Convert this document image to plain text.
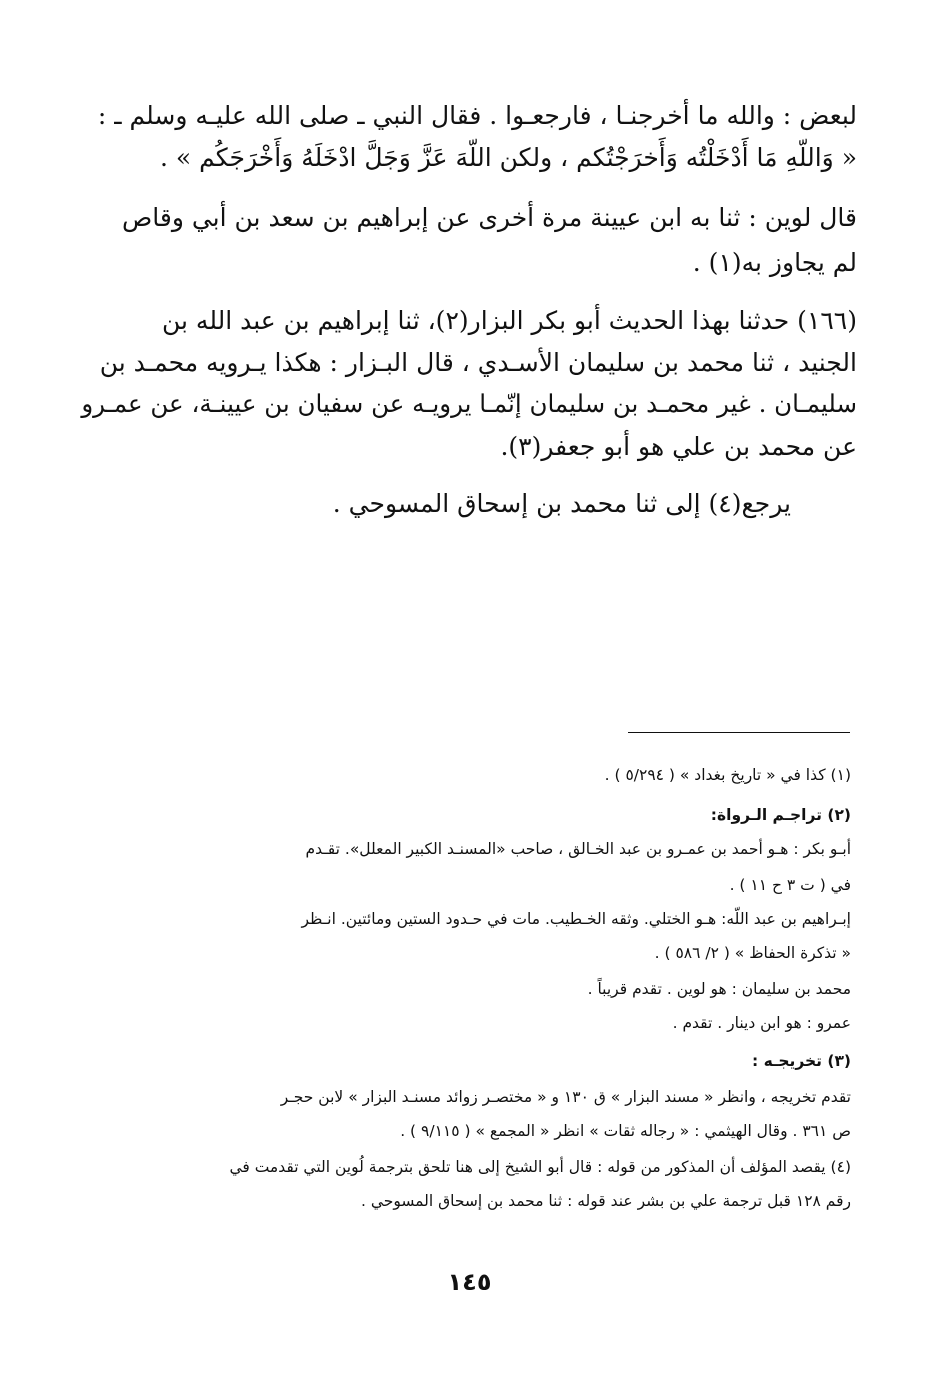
لبعض : والله ما أخرجنـا ، فارجعـوا . فقال النبي ـ صلى الله عليـه وسلم ـ :

« وَاللّهِ مَا أَدْخَلْتُه وَأَخرَجْتُكم ، ولكن اللّهَ عَزَّ وَجَلَّ ادْخَلَهُ وَأَخْرَجَكُم » .

قال لوين : ثنا به ابن عيينة مرة أخرى عن إبراهيم بن سعد بن أبي وقاص

لم يجاوز به(١) .

(١٦٦) حدثنا بهذا الحديث أبو بكر البزار(٢)، ثنا إبراهيم بن عبد الله بن

الجنيد ، ثنا محمد بن سليمان الأسـدي ، قال البـزار : هكذا يـرويه محمـد بن

سليمـان . غير محمـد بن سليمان إنّمـا يرويـه عن سفيان بن عيينـة، عن عمـرو

عن محمد بن علي هو أبو جعفر(٣).

يرجع(٤) إلى ثنا محمد بن إسحاق المسوحي .

(١) كذا في « تاريخ بغداد » ( ٥/٢٩٤ ) .

(٢) تراجـم الـرواة:

أبـو بكر : هـو أحمد بن عمـرو بن عبد الخـالق ، صاحب «المسنـد الكبير المعلل». تقـدم

في ( ت ٣ ح ١١ ) .

إبـراهيم بن عبد اللّه: هـو الختلي. وثقه الخـطيب. مات في حـدود الستين ومائتين. انـظر

« تذكرة الحفاظ » ( ٢/ ٥٨٦ ) .

محمد بن سليمان : هو لوين . تقدم قريباً .

عمرو : هو ابن دينار . تقدم .

(٣) تخريجـه :

تقدم تخريجه ، وانظر « مسند البزار » ق ١٣٠ و « مختصـر زوائد مسنـد البزار » لابن حجـر

ص ٣٦١ . وقال الهيثمي : « رجاله ثقات » انظر « المجمع » ( ٩/١١٥ ) .

(٤) يقصد المؤلف أن المذكور من قوله : قال أبو الشيخ إلى هنا تلحق بترجمة لُوين التي تقدمت في

رقم ١٢٨ قبل ترجمة علي بن بشر عند قوله : ثنا محمد بن إسحاق المسوحي .

١٤٥
